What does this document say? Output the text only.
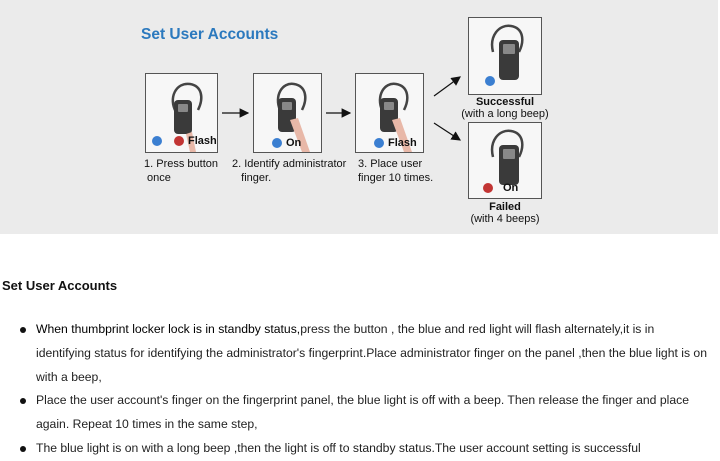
Set User Accounts
Flash
1. Press button
once
On
2. Identify administrator
finger.
Flash
3. Place user
finger 10 times.
Successful
(with a long beep)
On
Failed
(with 4 beeps)
Set User Accounts
When thumbprint locker lock is in standby status,press the button , the blue and red light will flash alternately,it is in identifying status for identifying the administrator's fingerprint.Place administrator finger on the panel ,then the blue light is on with a beep,
Place the user account's finger on the fingerprint panel, the blue light is off with a beep. Then release the finger and place again. Repeat 10 times in the same step,
The blue light is on with a long beep ,then the light is off to standby status.The user account setting is successful
